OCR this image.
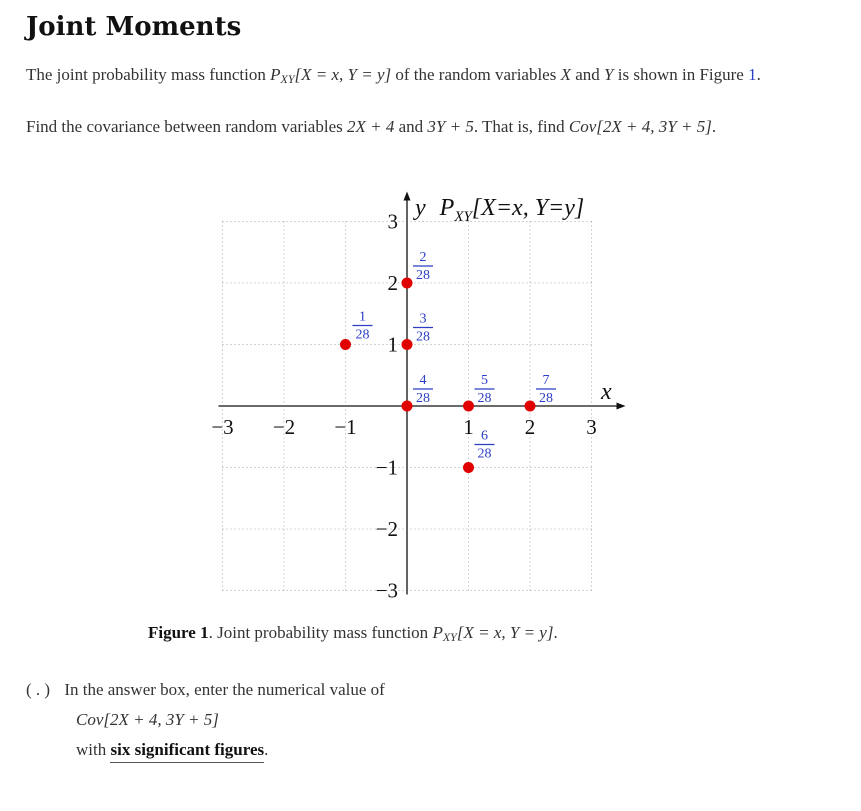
Joint Moments

The joint probability mass function $P_{XY}[X = x$, Y = y] of the random variables X and Y is shown in Figure 1.

Find the covariance between random variables 2X + 4 and 3Y + 5. That is, find Cov[2X + 4, 3Y + 5].

−3 −2 −1	1 2 3
3
2
1
−1
−2
−3
1
28
2
28
3
28
4
28
5
28
6
28
7
28 x
y $P_{XY}[X=x$, Y=y]
Figure 1. Joint probability mass function $P_{XY}[X = x$, Y = y].
( . ) In the answer box, enter the numerical value of
Cov[2X + 4, 3Y + 5]
with six significant figures.
